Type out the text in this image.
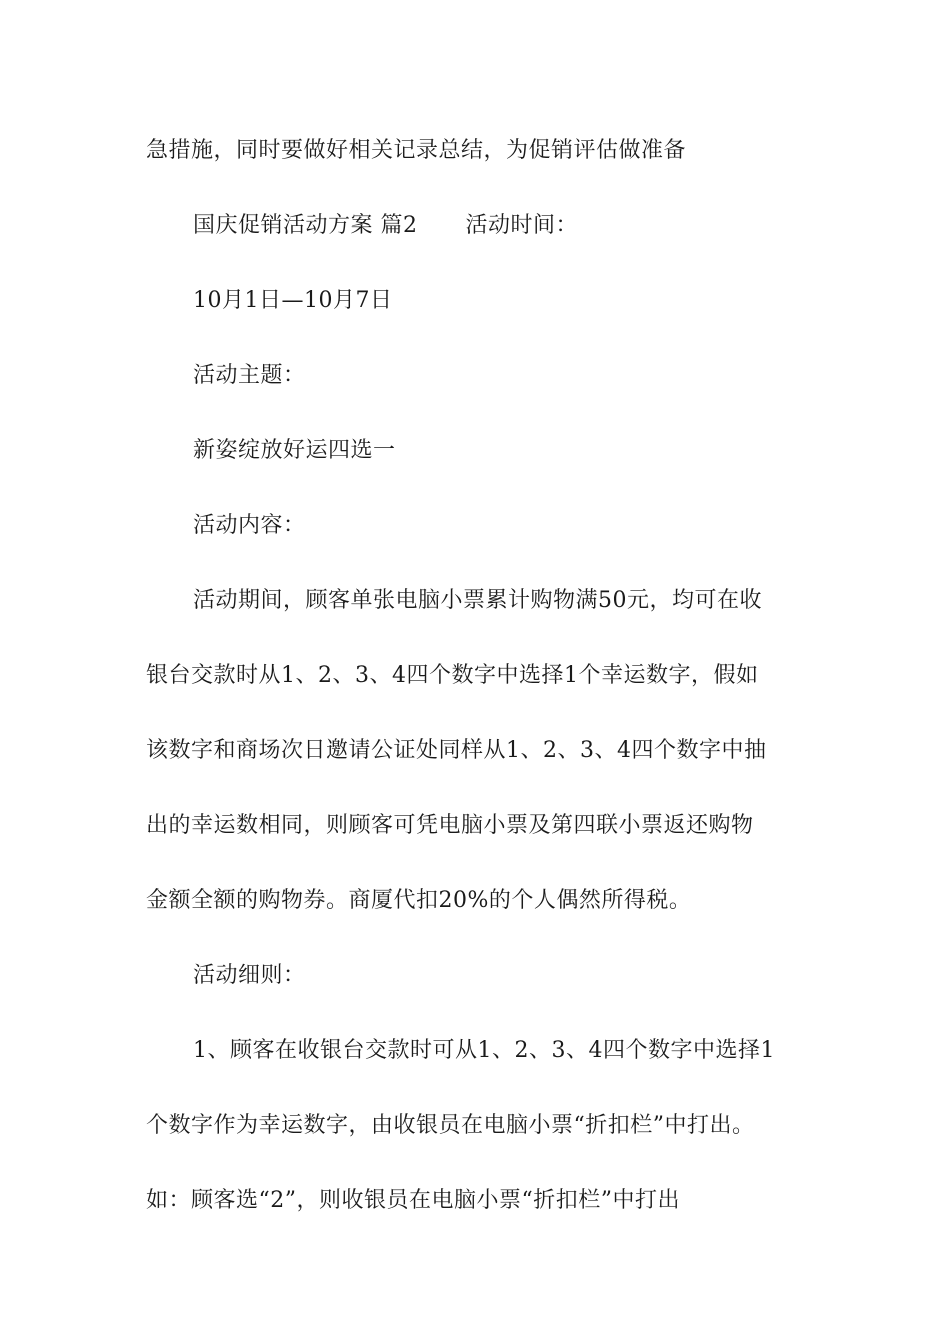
急措施，同时要做好相关记录总结，为促销评估做准备
国庆促销活动方案 篇2 活动时间：
10月1日—10月7日
活动主题：
新姿绽放好运四选一
活动内容：
活动期间，顾客单张电脑小票累计购物满50元，均可在收
银台交款时从1、2、3、4四个数字中选择1个幸运数字，假如
该数字和商场次日邀请公证处同样从1、2、3、4四个数字中抽
出的幸运数相同，则顾客可凭电脑小票及第四联小票返还购物
金额全额的购物券。商厦代扣20%的个人偶然所得税。
活动细则：
1、顾客在收银台交款时可从1、2、3、4四个数字中选择1
个数字作为幸运数字，由收银员在电脑小票“折扣栏”中打出。
如：顾客选“2”，则收银员在电脑小票“折扣栏”中打出
